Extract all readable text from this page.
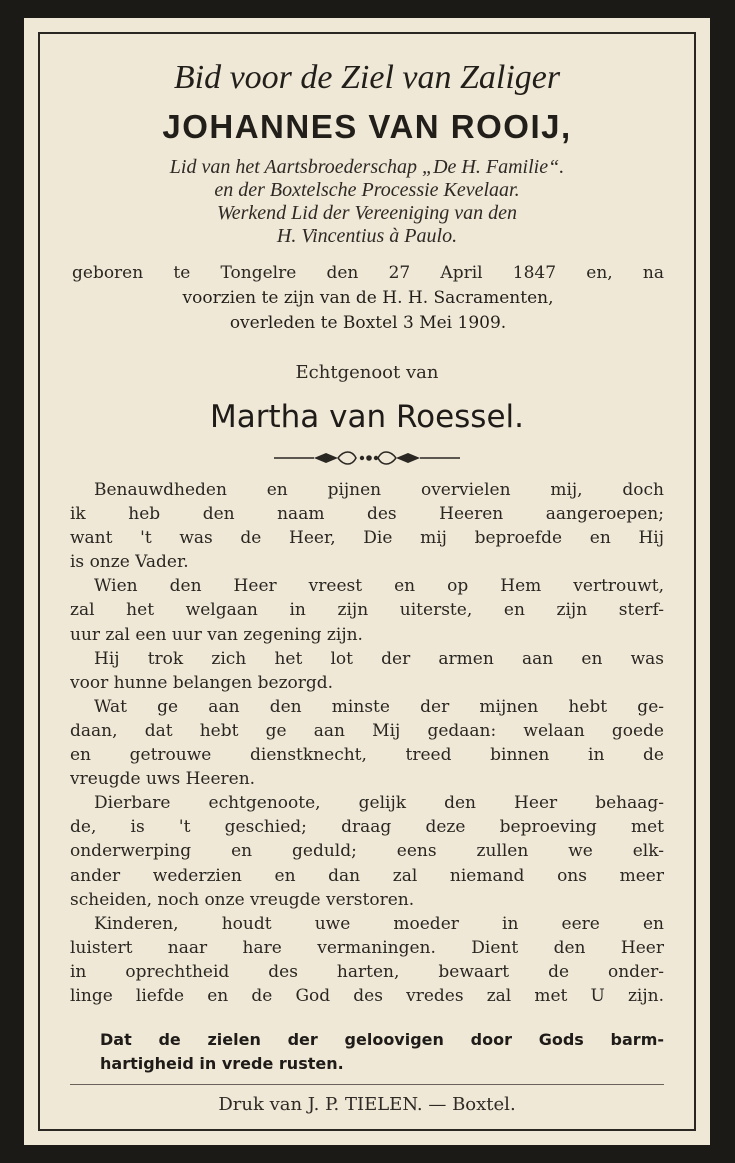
Bid voor de Ziel van Zaliger
JOHANNES VAN ROOIJ,
Lid van het Aartsbroederschap „De H. Familie“.
en der Boxtelsche Processie Kevelaar.
Werkend Lid der Vereeniging van den
H. Vincentius à Paulo.
geboren te Tongelre den 27 April 1847 en, na
voorzien te zijn van de H. H. Sacramenten,
overleden te Boxtel 3 Mei 1909.
Echtgenoot van
Martha van Roessel.
Benauwdheden en pijnen overvielen mij, doch
ik heb den naam des Heeren aangeroepen;
want 't was de Heer, Die mij beproefde en Hij
is onze Vader.
Wien den Heer vreest en op Hem vertrouwt,
zal het welgaan in zijn uiterste, en zijn sterf-
uur zal een uur van zegening zijn.
Hij trok zich het lot der armen aan en was
voor hunne belangen bezorgd.
Wat ge aan den minste der mijnen hebt ge-
daan, dat hebt ge aan Mij gedaan: welaan goede
en getrouwe dienstknecht, treed binnen in de
vreugde uws Heeren.
Dierbare echtgenoote, gelijk den Heer behaag-
de, is 't geschied; draag deze beproeving met
onderwerping en geduld; eens zullen we elk-
ander wederzien en dan zal niemand ons meer
scheiden, noch onze vreugde verstoren.
Kinderen, houdt uwe moeder in eere en
luistert naar hare vermaningen. Dient den Heer
in oprechtheid des harten, bewaart de onder-
linge liefde en de God des vredes zal met U zijn.
Dat de zielen der geloovigen door Gods barm-
hartigheid in vrede rusten.
Druk van J. P. TIELEN. — Boxtel.
